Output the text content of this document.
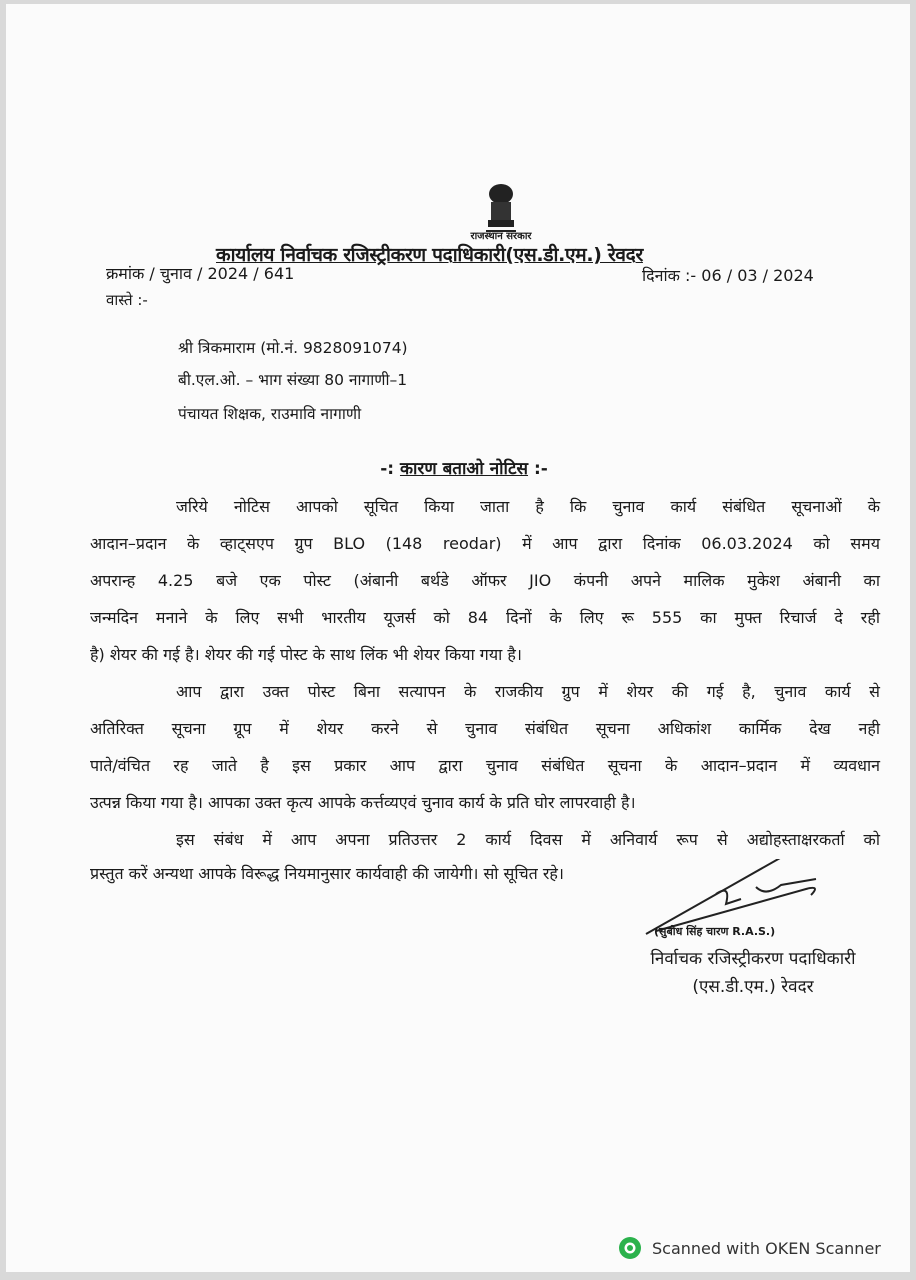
राजस्थान सरकार
कार्यालय निर्वाचक रजिस्ट्रीकरण पदाधिकारी(एस.डी.एम.) रेवदर
क्रमांक / चुनाव / 2024 / 641	दिनांक :- 06 / 03 / 2024
वास्ते :-
श्री त्रिकमाराम (मो.नं. 9828091074)
बी.एल.ओ. – भाग संख्या 80 नागाणी–1
पंचायत शिक्षक, राउमावि नागाणी
-: कारण बताओ नोटिस :-
जरिये नोटिस आपको सूचित किया जाता है कि चुनाव कार्य संबंधित सूचनाओं के
आदान–प्रदान के व्हाट्सएप ग्रुप BLO (148 reodar) में आप द्वारा दिनांक 06.03.2024 को समय
अपरान्ह 4.25 बजे एक पोस्ट (अंबानी बर्थडे ऑफर JIO कंपनी अपने मालिक मुकेश अंबानी का
जन्मदिन मनाने के लिए सभी भारतीय यूजर्स को 84 दिनों के लिए रू 555 का मुफ्त रिचार्ज दे रही
है) शेयर की गई है। शेयर की गई पोस्ट के साथ लिंक भी शेयर किया गया है।
आप द्वारा उक्त पोस्ट बिना सत्यापन के राजकीय ग्रुप में शेयर की गई है, चुनाव कार्य से
अतिरिक्त सूचना ग्रूप में शेयर करने से चुनाव संबंधित सूचना अधिकांश कार्मिक देख नही
पाते/वंचित रह जाते है इस प्रकार आप द्वारा चुनाव संबंधित सूचना के आदान–प्रदान में व्यवधान
उत्पन्न किया गया है। आपका उक्त कृत्य आपके कर्त्तव्यएवं चुनाव कार्य के प्रति घोर लापरवाही है।
इस संबंध में आप अपना प्रतिउत्तर 2 कार्य दिवस में अनिवार्य रूप से अद्योहस्ताक्षरकर्ता को
प्रस्तुत करें अन्यथा आपके विरूद्ध नियमानुसार कार्यवाही की जायेगी। सो सूचित रहे।
(सुबोध सिंह चारण R.A.S.)
निर्वाचक रजिस्ट्रीकरण पदाधिकारी
(एस.डी.एम.) रेवदर
Scanned with OKEN Scanner
